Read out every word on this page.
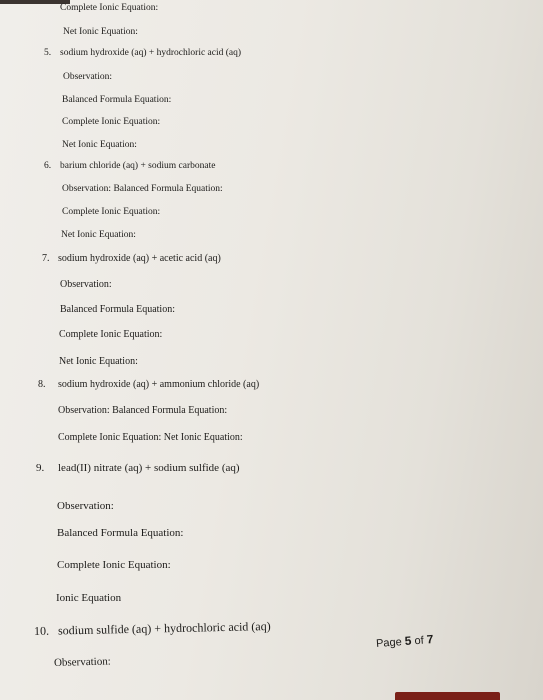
Complete Ionic Equation:
Net Ionic Equation:
5. sodium hydroxide (aq) + hydrochloric acid (aq)
Observation:
Balanced Formula Equation:
Complete Ionic Equation:
Net Ionic Equation:
6. barium chloride (aq) + sodium carbonate
Observation: Balanced Formula Equation:
Complete Ionic Equation:
Net Ionic Equation:
7. sodium hydroxide (aq) + acetic acid (aq)
Observation:
Balanced Formula Equation:
Complete Ionic Equation:
Net Ionic Equation:
8. sodium hydroxide (aq) + ammonium chloride (aq)
Observation: Balanced Formula Equation:
Complete Ionic Equation: Net Ionic Equation:
9. lead(II) nitrate (aq) + sodium sulfide (aq)
Observation:
Balanced Formula Equation:
Complete Ionic Equation:
Ionic Equation
10. sodium sulfide (aq) + hydrochloric acid (aq)
Observation:
Page 5 of 7
